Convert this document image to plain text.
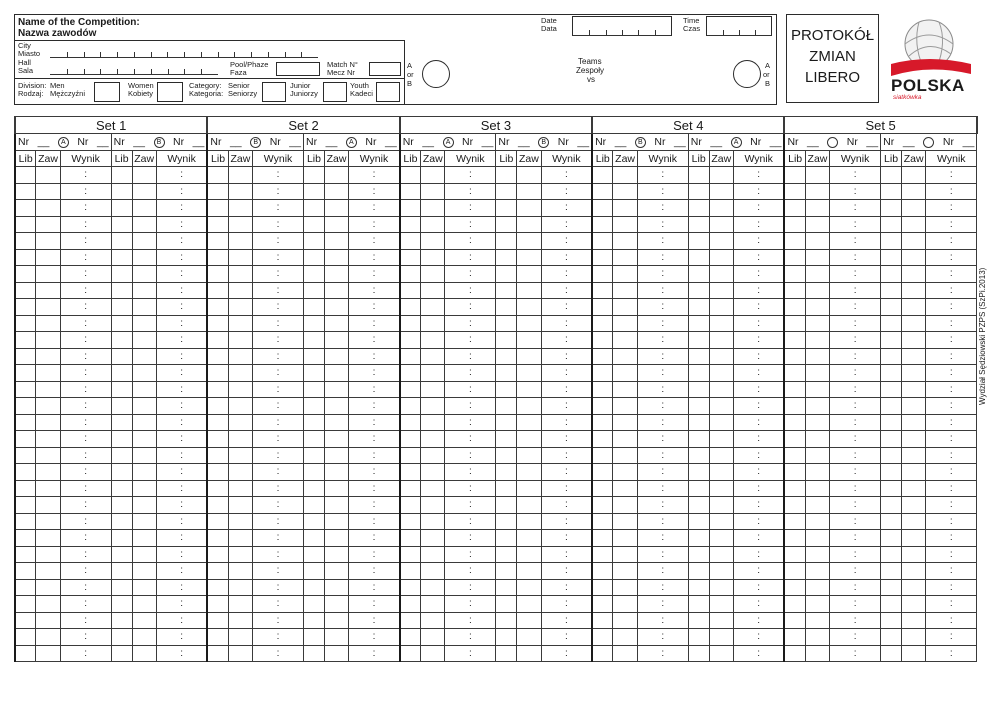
Name of the Competition:
Nazwa zawodów
City
Miasto
Hall
Sala
Pool/Phaze
Faza
Match N°
Mecz Nr
Division:
Rodzaj:
Men
Mężczyźni
Women
Kobiety
Category:
Kategoria:
Senior
Seniorzy
Junior
Juniorzy
Youth
Kadeci
A
or
B
Teams
Zespoły
vs
A
or
B
Date
Data
Time
Czas	PROTOKÓŁ
ZMIAN
LIBERO	POLSKA
siatkówka
Set 1						Set 2						Set 3						Set 4						Set 5					

Nr __ A Nr __			Nr __ B Nr __			Nr __ B Nr __			Nr __ A Nr __			Nr __ A Nr __			Nr __ B Nr __			Nr __ B Nr __			Nr __ A Nr __			Nr __ Nr __			Nr __ Nr __		

Lib	Zaw	Wynik	Lib	Zaw	Wynik	Lib	Zaw	Wynik	Lib	Zaw	Wynik	Lib	Zaw	Wynik	Lib	Zaw	Wynik	Lib	Zaw	Wynik	Lib	Zaw	Wynik	Lib	Zaw	Wynik	Lib	Zaw	Wynik
		:			:			:			:			:			:			:			:			:			:
		:			:			:			:			:			:			:			:			:			:
		:			:			:			:			:			:			:			:			:			:
		:			:			:			:			:			:			:			:			:			:
		:			:			:			:			:			:			:			:			:			:
		:			:			:			:			:			:			:			:			:			:
		:			:			:			:			:			:			:			:			:			:
		:			:			:			:			:			:			:			:			:			:
		:			:			:			:			:			:			:			:			:			:
		:			:			:			:			:			:			:			:			:			:
		:			:			:			:			:			:			:			:			:			:
		:			:			:			:			:			:			:			:			:			:
		:			:			:			:			:			:			:			:			:			:
		:			:			:			:			:			:			:			:			:			:
		:			:			:			:			:			:			:			:			:			:
		:			:			:			:			:			:			:			:			:			:
		:			:			:			:			:			:			:			:			:			:
		:			:			:			:			:			:			:			:			:			:
		:			:			:			:			:			:			:			:			:			:
		:			:			:			:			:			:			:			:			:			:
		:			:			:			:			:			:			:			:			:			:
		:			:			:			:			:			:			:			:			:			:
		:			:			:			:			:			:			:			:			:			:
		:			:			:			:			:			:			:			:			:			:
		:			:			:			:			:			:			:			:			:			:
		:			:			:			:			:			:			:			:			:			:
		:			:			:			:			:			:			:			:			:			:
		:			:			:			:			:			:			:			:			:			:
		:			:			:			:			:			:			:			:			:			:
		:			:			:			:			:			:			:			:			:			:
Wydział Sędziowski PZPS (SzPi.2013)
